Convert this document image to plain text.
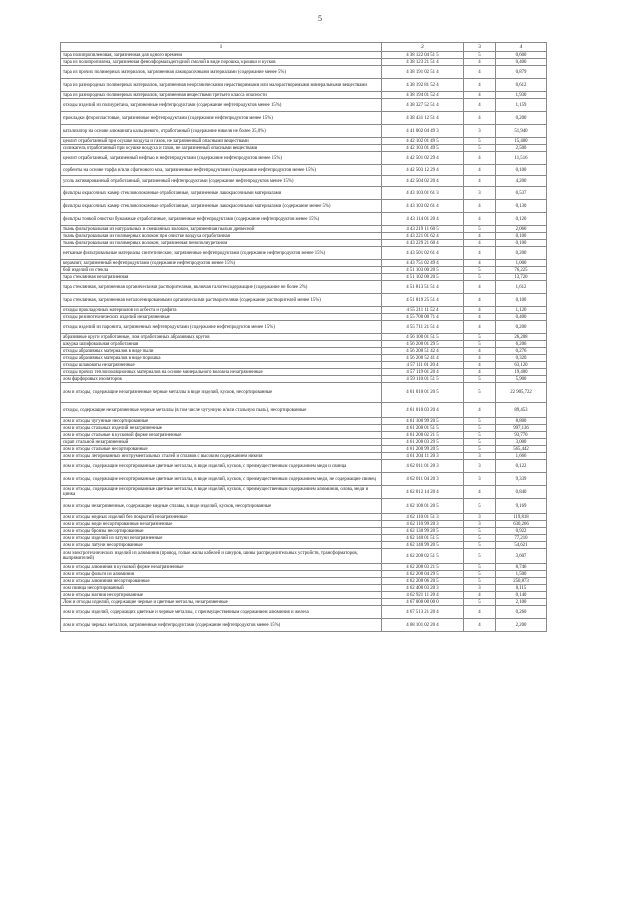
5
1	2	3	4
тара полипропиленовая, загрязненная для одного времени	4 38 122 04 51 5	5	0,600
тара из полипропилена, загрязненная фенолформальдегидной смолой в виде порошка, крошки и кусков	4 38 123 21 51 4	4	0,400
тара из прочих полимерных материалов, загрязненная лакокрасочными материалами (содержание менее 5%)	4 38 191 02 51 4	4	0,879
тара из разнородных полимерных материалов, загрязненная неорганическими нерастворимыми или малорастворимыми минеральными веществами	4 38 192 81 52 4	4	0,612
тара из разнородных полимерных материалов, загрязненная веществами третьего класса опасности	4 38 194 01 52 4	4	1,930
отходы изделий из полиуретана, загрязненные нефтепродуктами (содержание нефтепродуктов менее 15%)	4 38 327 52 51 4	4	1,159
прокладки фторопластовые, загрязненные нефтепродуктами (содержание нефтепродуктов менее 15%)	4 38 431 12 51 4	4	0,200
катализатор на основе алюмината кальциевого, отработанный (содержание никеля не более 35,0%)	4 41 002 04 49 3	3	51,940
цеолит отработанный при осушке воздуха и газов, не загрязненный опасными веществами	4 42 102 01 49 5	5	15,400
силикагель отработанный при осушке воздуха и газов, не загрязненный опасными веществами	4 42 103 01 49 5	5	2,500
цеолит отработанный, загрязненный нефтью и нефтепродуктами (содержание нефтепродуктов менее 15%)	4 42 501 02 29 4	4	11,516
сорбенты на основе торфа и/или сфагнового мха, загрязненные нефтепродуктами (содержание нефтепродуктов менее 15%)	4 42 503 12 29 4	4	0,100
уголь активированный отработанный, загрязненный нефтепродуктами (содержание нефтепродуктов менее 15%)	4 42 504 02 20 4	4	4,200
фильтры окрасочных камер стекловолоконные отработанные, загрязненные лакокрасочными материалами	4 43 103 01 61 3	3	0,537
фильтры окрасочных камер стекловолоконные отработанные, загрязненные лакокрасочными материалами (содержание менее 5%)	4 43 103 02 61 4	4	0,130
фильтры тонкой очистки бумажные отработанные, загрязненные нефтепродуктами (содержание нефтепродуктов менее 15%)	4 43 114 01 20 4	4	0,120
ткань фильтровальная из натуральных и смешанных волокон, загрязненная пылью древесной	4 43 219 11 60 5	5	2,060
ткань фильтровальная из полимерных волокон при очистке воздуха отработанная	4 43 221 01 62 4	4	0,100
ткань фильтровальная из полимерных волокон, загрязненная пенополиуретаном	4 43 229 21 60 4	4	0,100
нетканые фильтровальные материалы синтетические, загрязненные нефтепродуктами (содержание нефтепродуктов менее 15%)	4 43 501 02 61 4	4	0,200
керамзит, загрязненный нефтепродуктами (содержание нефтепродуктов менее 15%)	4 43 751 02 49 4	4	1,000
бой изделий из стекла	4 51 103 00 20 5	5	76,225
тара стеклянная незагрязненная	4 51 102 00 20 5	5	13,720
тара стеклянная, загрязненная органическими растворителями, включая галогенсодержащие (содержание не более 2%)	4 51 813 51 51 4	4	1,612
тара стеклянная, загрязненная негалогенированными органическими растворителями (содержание растворителей менее 15%)	4 51 819 25 51 4	4	0,100
отходы прокладочных материалов из асбеста и графита	4 55 211 11 52 4	4	1,120
отходы резинотехнических изделий незагрязненные	4 55 700 00 71 4	4	0,400
отходы изделий из паронита, загрязненных нефтепродуктами (содержание нефтепродуктов менее 15%)	4 55 711 21 51 4	4	0,200
абразивные круги отработанные, лом отработанных абразивных кругов	4 56 100 01 51 5	5	26,208
шкурка шлифовальная отработанная	4 56 200 01 29 5	5	6,206
отходы абразивных материалов в виде пыли	4 56 200 51 42 4	4	0,276
отходы абразивных материалов в виде порошка	4 56 200 52 41 4	4	0,320
отходы шлаковаты незагрязненные	4 57 111 01 20 4	4	63,120
отходы прочих теплоизоляционных материалов на основе минерального волокна незагрязненные	4 57 119 01 20 4	4	19,400
лом фарфоровых изоляторов	4 59 110 01 51 5	5	5,900
лом и отходы, содержащие незагрязненные черные металлы в виде изделий, кусков, несортированные	4 61 010 01 20 5	5	22 905,722
отходы, содержащие незагрязненные черные металлы (в том числе чугунную и/или стальную пыль), несортированные	4 61 010 03 20 4	4	89,453
лом и отходы чугунные несортированные	4 61 100 99 20 5	5	8,800
лом и отходы стальных изделий незагрязненные	4 61 200 01 51 5	5	997,136
лом и отходы стальные в кусковой форме незагрязненные	4 61 200 02 21 5	5	93,770
скрап стальной незагрязненный	4 61 200 03 29 5	5	3,000
лом и отходы стальные несортированные	4 61 200 99 20 5	5	565,442
лом и отходы легированных инструментальных сталей и сплавов с высоким содержанием никеля	4 61 204 11 20 3	3	1,666
лом и отходы, содержащие несортированные цветные металлы, в виде изделий, кусков, с преимущественным содержанием меди и свинца	4 62 011 01 20 3	3	0,122
лом и отходы, содержащие несортированные цветные металлы, в виде изделий, кусков, с преимущественным содержанием меди, не содержащие свинец	4 62 011 04 20 3	3	9,339
лом и отходы, содержащие несортированные цветные металлы, в виде изделий, кусков, с преимущественным содержанием алюминия, олова, меди и цинка	4 62 012 14 20 4	4	0,840
лом и отходы незагрязненные, содержащие медные сплавы, в виде изделий, кусков, несортированные	4 62 100 01 20 5	5	9,169
лом и отходы медных изделий без покрытий незагрязненные	4 62 110 01 51 3	3	119,818
лом и отходы меди несортированные незагрязненные	4 62 110 99 20 3	3	630,266
лом и отходы бронзы несортированные	4 62 130 99 20 5	5	0,922
лом и отходы изделий из латуни незагрязненные	4 62 140 01 51 5	5	77,210
лом и отходы латуни несортированные	4 62 140 99 20 5	5	54,621
лом электротехнических изделий из алюминия (провод, голые жилы кабелей и шнуров, шины распределительных устройств, трансформаторов, выпрямителей)	4 62 200 02 51 5	5	3,607
лом и отходы алюминия в кусковой форме незагрязненные	4 62 200 03 21 5	5	8,746
лом и отходы фольги из алюминия	4 62 200 04 29 5	5	1,500
лом и отходы алюминия несортированные	4 62 200 06 20 5	5	250,873
лом свинца несортированный	4 62 400 03 20 3	3	0,115
лом и отходы магния несортированные	4 62 921 11 20 4	4	0,140
Лом и отходы изделий, содержащие черные и цветные металлы, незагрязненные	4 67 000 00 00 0	5	2,100
лом и отходы изделий, содержащих цветные и черные металлы, с преимущественным содержанием алюминия и железа	4 67 513 21 20 4	4	0,260
лом и отходы черных металлов, загрязненные нефтепродуктами (содержание нефтепродуктов менее 15%)	4 68 101 02 20 4	4	2,200
